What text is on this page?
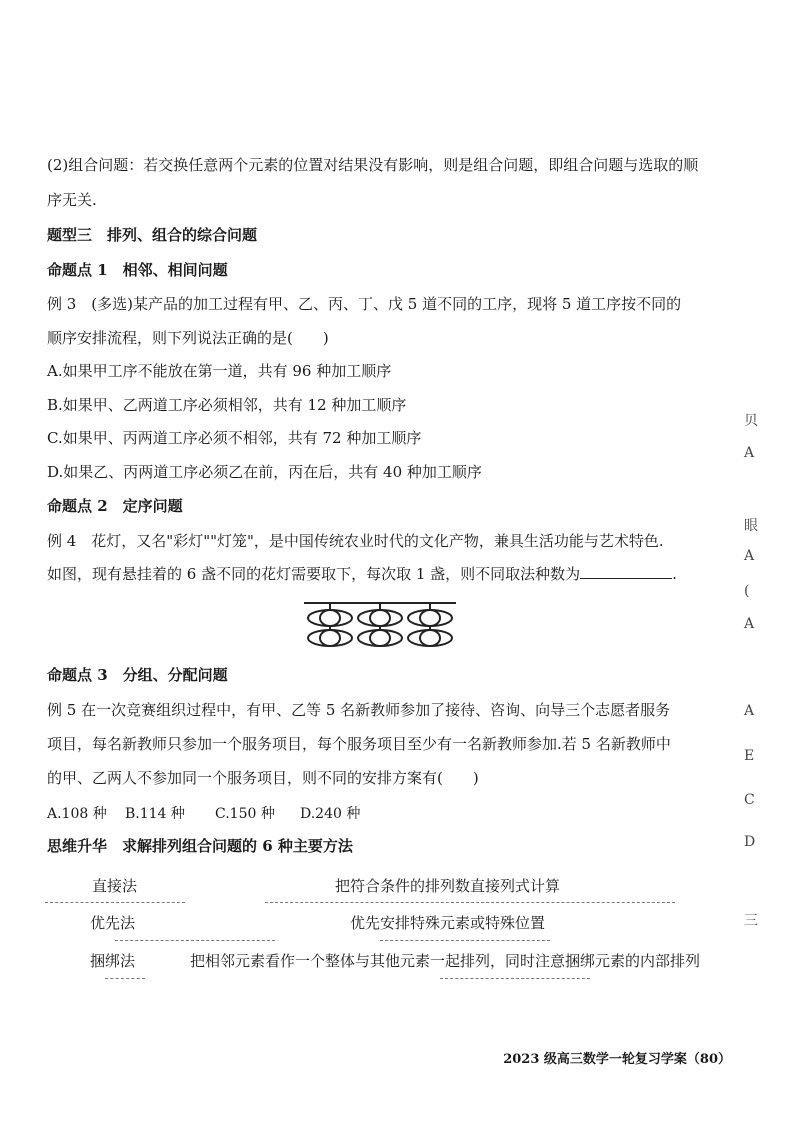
(2)组合问题：若交换任意两个元素的位置对结果没有影响，则是组合问题，即组合问题与选取的顺
序无关.
题型三　排列、组合的综合问题
命题点 1　相邻、相间问题
例 3　(多选)某产品的加工过程有甲、乙、丙、丁、戊 5 道不同的工序，现将 5 道工序按不同的
顺序安排流程，则下列说法正确的是(　　)
A.如果甲工序不能放在第一道，共有 96 种加工顺序
B.如果甲、乙两道工序必须相邻，共有 12 种加工顺序
C.如果甲、丙两道工序必须不相邻，共有 72 种加工顺序
D.如果乙、丙两道工序必须乙在前，丙在后，共有 40 种加工顺序
命题点 2　定序问题
例 4　花灯，又名"彩灯""灯笼"，是中国传统农业时代的文化产物，兼具生活功能与艺术特色.
如图，现有悬挂着的 6 盏不同的花灯需要取下，每次取 1 盏，则不同取法种数为	.
命题点 3　分组、分配问题
例 5 在一次竞赛组织过程中，有甲、乙等 5 名新教师参加了接待、咨询、向导三个志愿者服务
项目，每名新教师只参加一个服务项目，每个服务项目至少有一名新教师参加.若 5 名新教师中
的甲、乙两人不参加同一个服务项目，则不同的安排方案有(　　)
A.108 种 B.114 种 C.150 种 D.240 种
思维升华　求解排列组合问题的 6 种主要方法
直接法	把符合条件的排列数直接列式计算
优先法	优先安排特殊元素或特殊位置
捆绑法	把相邻元素看作一个整体与其他元素一起排列，同时注意捆绑元素的内部排列
贝
A
眼
A
(
A
A
E
C
D
三
2023 级高三数学一轮复习学案（80）
